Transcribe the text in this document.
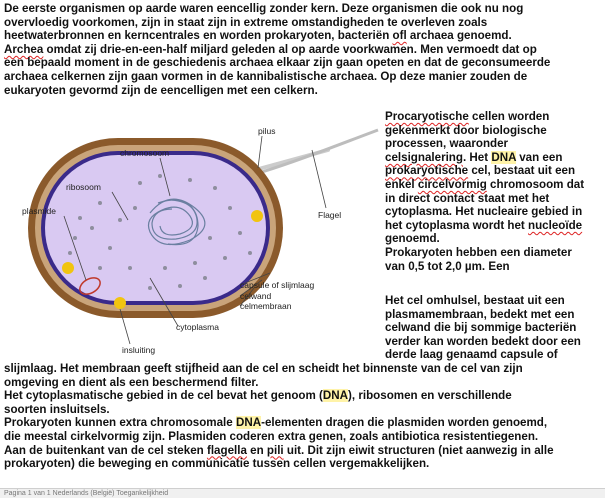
De eerste organismen op aarde waren eencellig zonder kern. Deze organismen die ook nu nog
overvloedig voorkomen, zijn in staat zijn in extreme omstandigheden te overleven zoals
heetwaterbronnen en kerncentrales en worden prokaryoten, bacteriën ofl archaea genoemd.
Archea omdat zij drie-en-een-half miljard geleden al op aarde voorkwamen. Men vermoedt dat op
een bepaald moment in de geschiedenis archaea elkaar zijn gaan opeten en dat de geconsumeerde
archaea celkernen zijn gaan vormen in de kannibalistische archaea. Op deze manier zouden de
eukaryoten gevormd zijn de eencelligen met een celkern.

pilus
chromosoom
ribosoom
plasmide	Flagel
capsule of slijmlaag
celwand
celmembraan
cytoplasma
insluiting

Procaryotische cellen worden
gekenmerkt door biologische
processen, waaronder
celsignalering. Het DNA van een
prokaryotische cel, bestaat uit een
enkel circelvormig chromosoom dat
in direct contact staat met het
cytoplasma. Het nucleaire gebied in
het cytoplasma wordt het nucleoïde
genoemd.
Prokaryoten hebben een diameter
van 0,5 tot 2,0 µm. Een

Het cel omhulsel, bestaat uit een
plasmamembraan, bedekt met een
celwand die bij sommige bacteriën
verder kan worden bedekt door een
derde laag genaamd capsule of

slijmlaag. Het membraan geeft stijfheid aan de cel en scheidt het binnenste van de cel van zijn
omgeving en dient als een beschermend filter.
Het cytoplasmatische gebied in de cel bevat het genoom (DNA), ribosomen en verschillende
soorten insluitsels.
Prokaryoten kunnen extra chromosomale DNA-elementen dragen die plasmiden worden genoemd,
die meestal cirkelvormig zijn. Plasmiden coderen extra genen, zoals antibiotica resistentiegenen.
Aan de buitenkant van de cel steken flagella en pili uit. Dit zijn eiwit structuren (niet aanwezig in alle
prokaryoten) die beweging en communicatie tussen cellen vergemakkelijken.

Pagina 1 van 1 Nederlands (België) Toegankelijkheid
